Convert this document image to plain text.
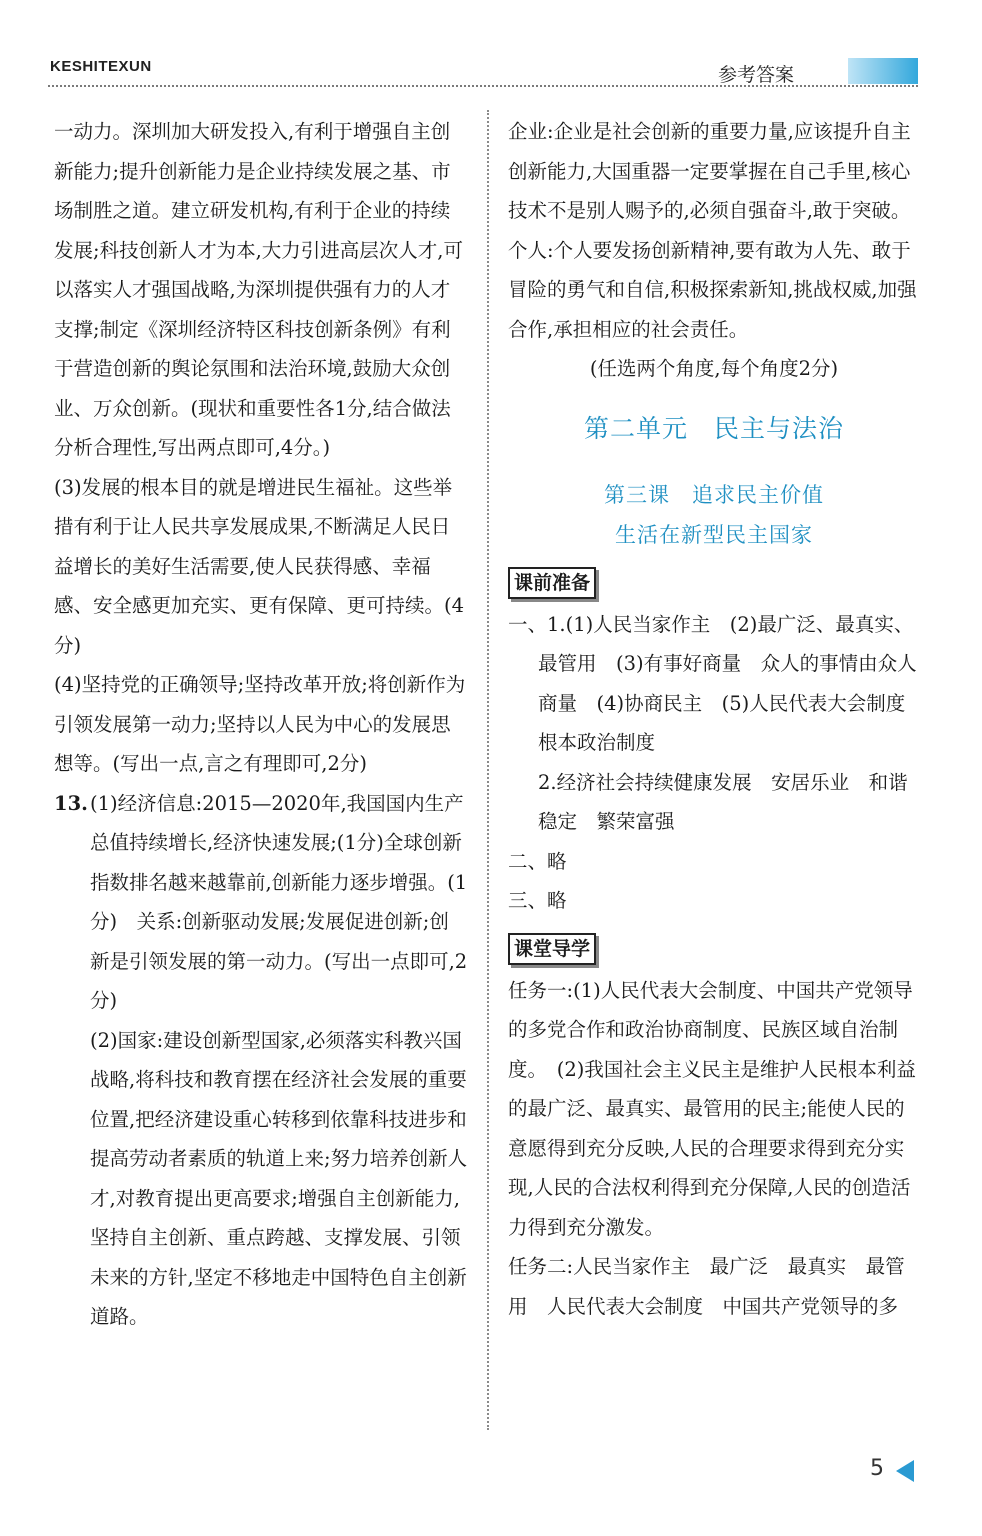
KESHITEXUN	参考答案

一动力。深圳加大研发投入,有利于增强自主创新能力;提升创新能力是企业持续发展之基、市场制胜之道。建立研发机构,有利于企业的持续发展;科技创新人才为本,大力引进高层次人才,可以落实人才强国战略,为深圳提供强有力的人才支撑;制定《深圳经济特区科技创新条例》有利于营造创新的舆论氛围和法治环境,鼓励大众创业、万众创新。(现状和重要性各1分,结合做法分析合理性,写出两点即可,4分。)

(3)发展的根本目的就是增进民生福祉。这些举措有利于让人民共享发展成果,不断满足人民日益增长的美好生活需要,使人民获得感、幸福感、安全感更加充实、更有保障、更可持续。(4分)

(4)坚持党的正确领导;坚持改革开放;将创新作为引领发展第一动力;坚持以人民为中心的发展思想等。(写出一点,言之有理即可,2分)

13. (1)经济信息:2015—2020年,我国国内生产总值持续增长,经济快速发展;(1分)全球创新指数排名越来越靠前,创新能力逐步增强。(1分)　关系:创新驱动发展;发展促进创新;创新是引领发展的第一动力。(写出一点即可,2分)

(2)国家:建设创新型国家,必须落实科教兴国战略,将科技和教育摆在经济社会发展的重要位置,把经济建设重心转移到依靠科技进步和提高劳动者素质的轨道上来;努力培养创新人才,对教育提出更高要求;增强自主创新能力,坚持自主创新、重点跨越、支撑发展、引领未来的方针,坚定不移地走中国特色自主创新道路。

企业:企业是社会创新的重要力量,应该提升自主创新能力,大国重器一定要掌握在自己手里,核心技术不是别人赐予的,必须自强奋斗,敢于突破。

个人:个人要发扬创新精神,要有敢为人先、敢于冒险的勇气和自信,积极探索新知,挑战权威,加强合作,承担相应的社会责任。

(任选两个角度,每个角度2分)

第二单元　民主与法治
第三课　追求民主价值
生活在新型民主国家
课前准备

一、1.(1)人民当家作主　(2)最广泛、最真实、最管用　(3)有事好商量　众人的事情由众人商量　(4)协商民主　(5)人民代表大会制度　根本政治制度

2.经济社会持续健康发展　安居乐业　和谐稳定　繁荣富强

二、略

三、略

课堂导学

任务一:(1)人民代表大会制度、中国共产党领导的多党合作和政治协商制度、民族区域自治制度。　(2)我国社会主义民主是维护人民根本利益的最广泛、最真实、最管用的民主;能使人民的意愿得到充分反映,人民的合理要求得到充分实现,人民的合法权利得到充分保障,人民的创造活力得到充分激发。

任务二:人民当家作主　最广泛　最真实　最管用　人民代表大会制度　中国共产党领导的多

5
